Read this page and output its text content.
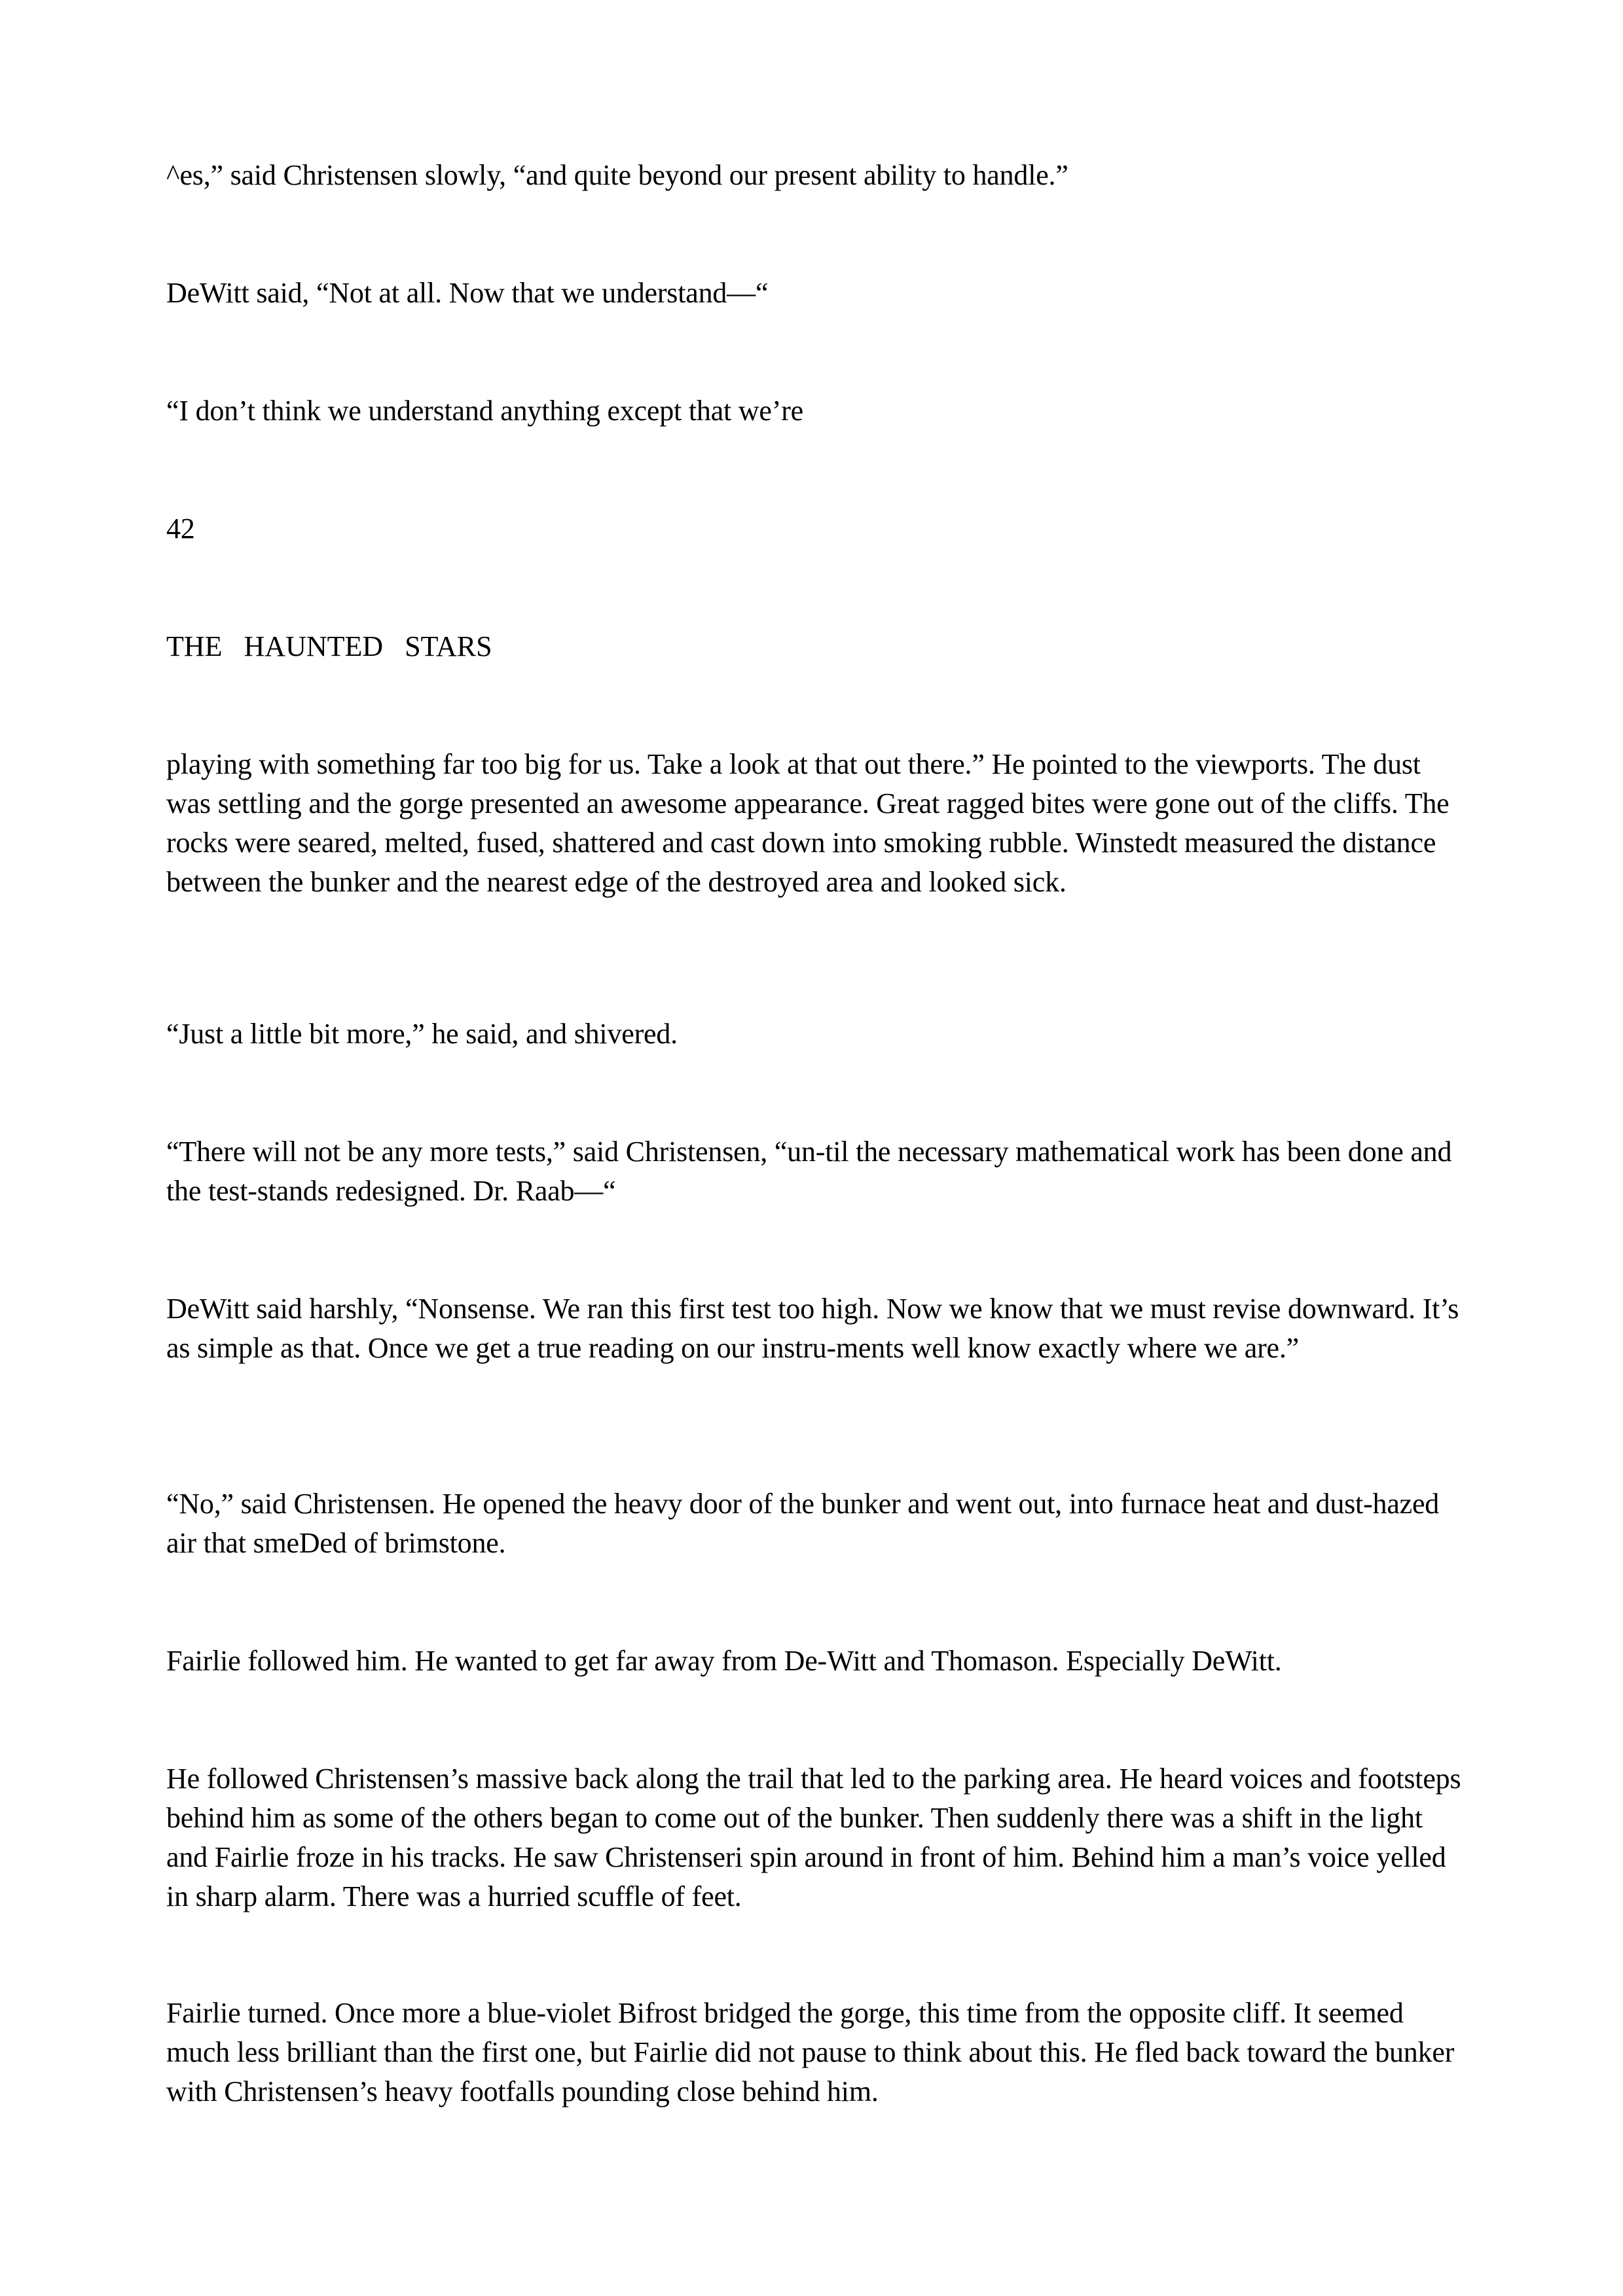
^es,” said Christensen slowly, “and quite beyond our present ability to handle.”

DeWitt said, “Not at all. Now that we understand—“

“I don’t think we understand anything except that we’re

42

THE   HAUNTED   STARS

playing with something far too big for us. Take a look at that out there.” He pointed to the viewports. The dust was settling and the gorge presented an awesome appearance. Great ragged bites were gone out of the cliffs. The rocks were seared, melted, fused, shattered and cast down into smoking rubble. Winstedt measured the distance between the bunker and the nearest edge of the destroyed area and looked sick.

“Just a little bit more,” he said, and shivered.

“There will not be any more tests,” said Christensen, “un-til the necessary mathematical work has been done and the test-stands redesigned. Dr. Raab—“

DeWitt said harshly, “Nonsense. We ran this first test too high. Now we know that we must revise downward. It’s as simple as that. Once we get a true reading on our instru-ments well know exactly where we are.”

“No,” said Christensen. He opened the heavy door of the bunker and went out, into furnace heat and dust-hazed air that smeDed of brimstone.

Fairlie followed him. He wanted to get far away from De-Witt and Thomason. Especially DeWitt.

He followed Christensen’s massive back along the trail that led to the parking area. He heard voices and footsteps behind him as some of the others began to come out of the bunker. Then suddenly there was a shift in the light and Fairlie froze in his tracks. He saw Christenseri spin around in front of him. Behind him a man’s voice yelled in sharp alarm. There was a hurried scuffle of feet.

Fairlie turned. Once more a blue-violet Bifrost bridged the gorge, this time from the opposite cliff. It seemed much less brilliant than the first one, but Fairlie did not pause to think about this. He fled back toward the bunker with Christensen’s heavy footfalls pounding close behind him.
